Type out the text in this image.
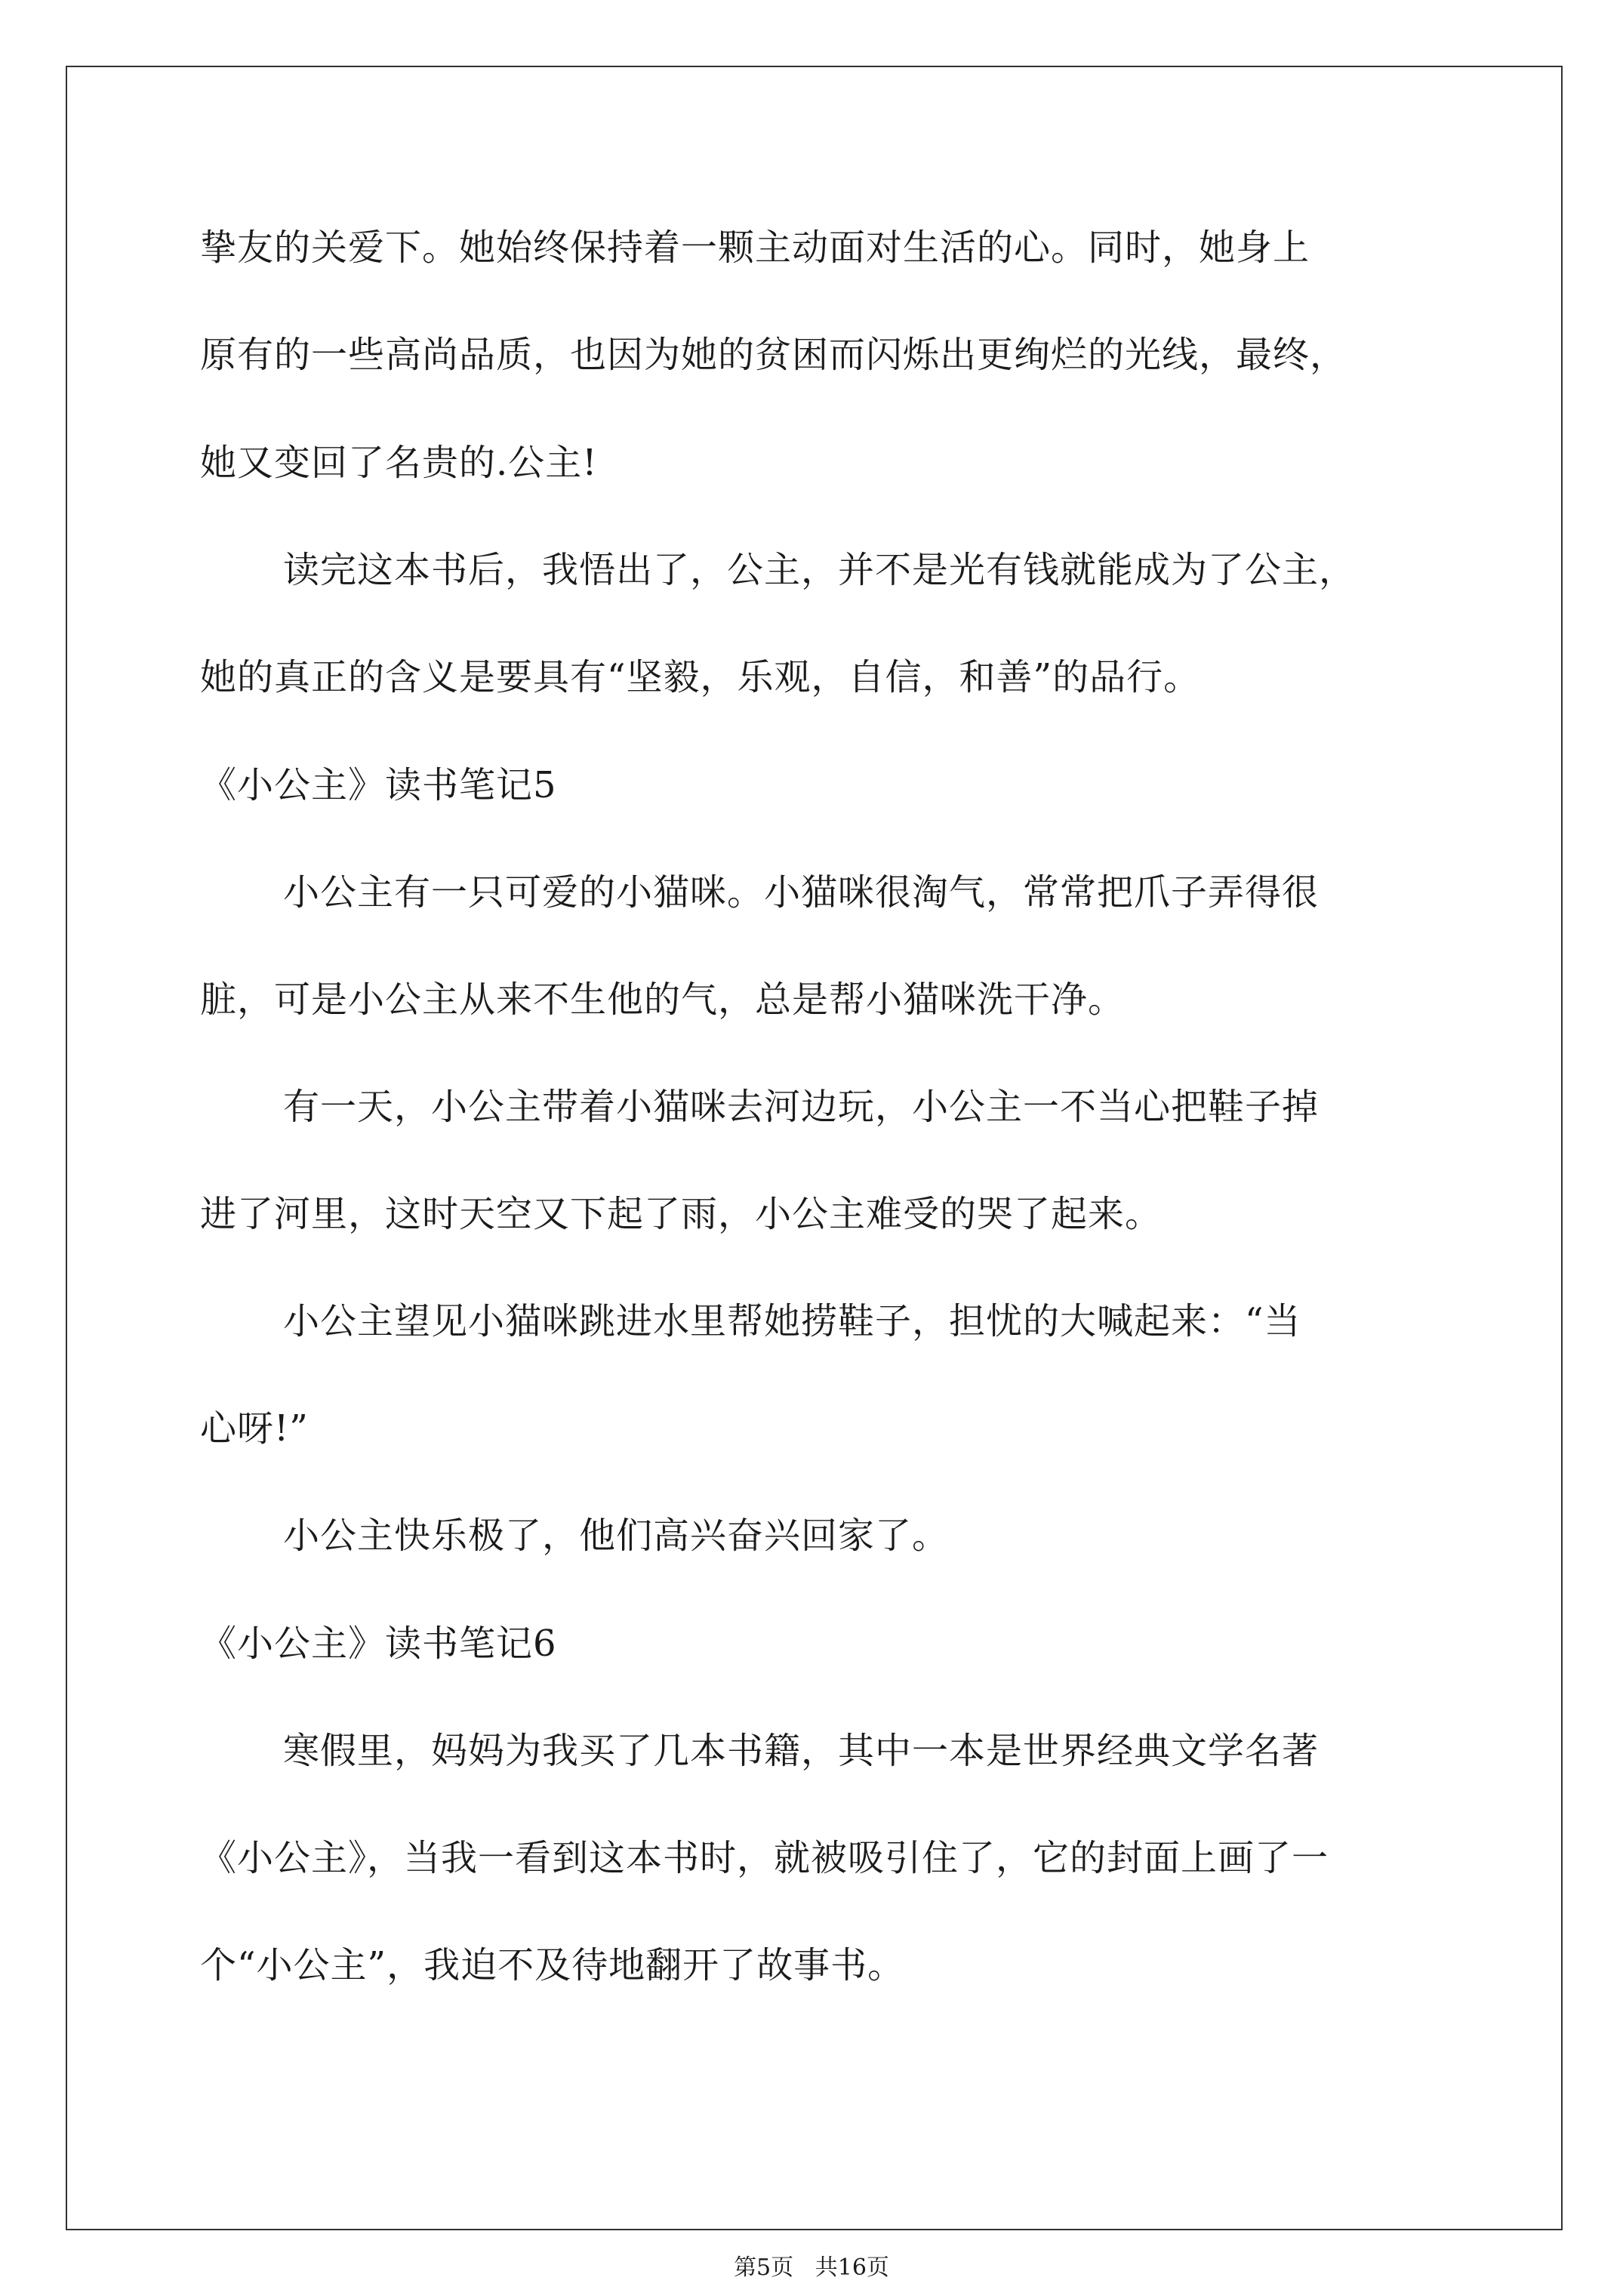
挚友的关爱下。她始终保持着一颗主动面对生活的心。同时，她身上
原有的一些高尚品质，也因为她的贫困而闪烁出更绚烂的光线，最终，
她又变回了名贵的.公主!
读完这本书后，我悟出了，公主，并不是光有钱就能成为了公主，
她的真正的含义是要具有“坚毅，乐观，自信，和善”的品行。
《小公主》读书笔记5
小公主有一只可爱的小猫咪。小猫咪很淘气，常常把爪子弄得很
脏，可是小公主从来不生他的气，总是帮小猫咪洗干净。
有一天，小公主带着小猫咪去河边玩，小公主一不当心把鞋子掉
进了河里，这时天空又下起了雨，小公主难受的哭了起来。
小公主望见小猫咪跳进水里帮她捞鞋子，担忧的大喊起来：“当
心呀!”
小公主快乐极了，他们高兴奋兴回家了。
《小公主》读书笔记6
寒假里，妈妈为我买了几本书籍，其中一本是世界经典文学名著
《小公主》，当我一看到这本书时，就被吸引住了，它的封面上画了一
个“小公主”，我迫不及待地翻开了故事书。
第5页   共16页
